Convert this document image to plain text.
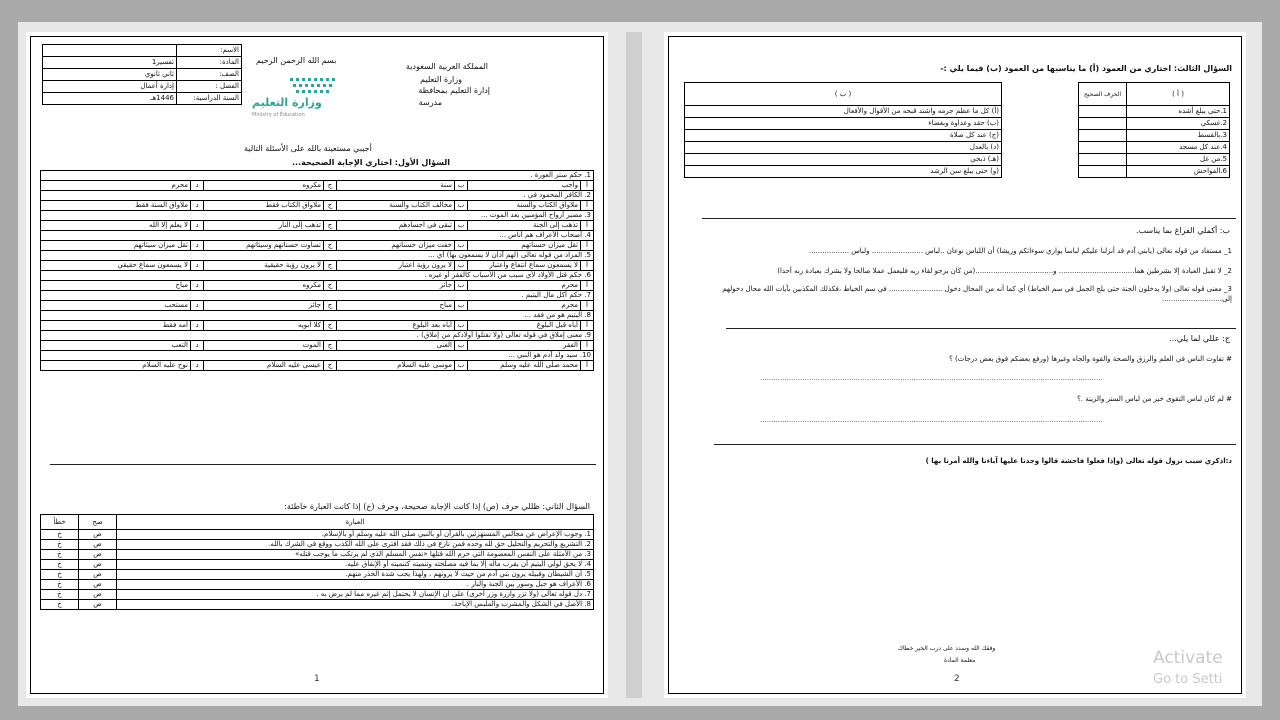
المملكة العربية السعودية
وزارة التعليم
إدارة التعليم بمحافظة
مدرسة
بسم الله الرحمن الرحيم
وزارة التعليم
Ministry of Education
الاسم:	
المادة:	تفسير1
الصف:	ثاني ثانوي
الفصل :	إدارة أعمال
السنة الدراسية:	1446هـ
أجيبي مستعينة بالله على الأسئلة التالية
السؤال الأول: اختاري الإجابة الصحيحة...
1. حكم ستر العورة .							
أ	واجب	ب	سنة	ج	مكروه	د	محرم
2. الكافر المحمود في .							
أ	ملاواق الكتاب والسنة	ب	مخالف الكتاب والسنة	ج	ملاواق الكتاب فقط	د	ملاواق السنة فقط
3. مصير أرواح المؤمنين بعد الموت ...							
أ	تذهب إلى الجنة	ب	تبقى في أجسادهم	ج	تذهب إلى النار	د	لا يعلم إلا الله
4. أصحاب الأعراف هم أناس ...							
أ	ثقل ميزان حسناتهم	ب	خفت ميزان حسناتهم	ج	تساوت حسناتهم وسيئاتهم	د	ثقل ميزان سيئاتهم
5. المراد من قوله تعالى (لهم آذان لا يسمعون بها) أي ...							
أ	لا يسمعون سماع انتفاع واعتبار	ب	لا يرون رؤية اعتبار	ج	لا يرون رؤية حقيقية	د	لا يسمعون سماع حقيقي
6. حكم قتل الأولاد لأي سبب من الأسباب كالفقر أو غيره .							
أ	محرم	ب	جائز	ج	مكروه	د	مباح
7. حكم أكل مال اليتيم .							
أ	محرم	ب	مباح	ج	جائز	د	مستحب
8. اليتيم هو من فقد ...							
أ	أباه قبل البلوغ	ب	أباه بعد البلوغ	ج	كلا أبويه	د	أمه فقط
9. معنى إملاق في قوله تعالى (ولا تقتلوا أولادكم من إملاق) .							
أ	الفقر	ب	الغنى	ج	الموت	د	التعب
10. سيد ولد آدم هو النبي ...							
أ	محمد صلى الله عليه وسلم	ب	موسى عليه السلام	ج	عيسى عليه السلام	د	نوح عليه السلام
السؤال الثاني: ظللي حرف (ص) إذا كانت الإجابة صحيحة، وحرف (خ) إذا كانت العبارة خاطئة:
العبارة	صح	خطأ
1. وجوب الإعراض عن مجالس المستهزئين بالقرآن أو بالنبي صلى الله عليه وسلم أو بالإسلام.	ص	خ
2. التشريع والتحريم والتحليل حق لله وحده فمن نازع في ذلك فقد افترى على الله الكذب ووقع في الشرك بالله.	ص	خ
3. من الأمثلة على النفس المعصومة التي حرم الله قتلها «نفس المسلم الذي لم يرتكب ما يوجب قتله»	ص	خ
4. لا يحق لولي اليتيم أن يقرب ماله إلا بما فيه مصلحته وتنميته كتنميته أو الإنفاق عليه.	ص	خ
5. أن الشيطان وقبيله يرون بني آدم من حيث لا يرونهم ، ولهذا يجب شدة الحذر منهم.	ص	خ
6. الأعراف هو جبل وسور بين الجنة والنار .	ص	خ
7. دل قوله تعالى (ولا تزر وازرة وزر أخرى) على أن الإنسان لا يحتمل إثم غيره مما لم يرض به .	ص	خ
8. الأصل في الشكل والمشرب والملبس الإباحة.	ص	خ
1
السؤال الثالث: اختاري من العمود (أ) ما يناسبها من العمود (ب) فيما يلي :-
( أ )	الحرف الصحيح
1.حتى يبلغ أشده	
2.غسكي	
3.بالقسط	
4.عند كل مسجد	
5.من غل	
6.الفواحش	
( ب )
(أ) كل ما عظم جرمه واشتد قبحه من الأقوال والأفعال
(ب) حقد وعداوة وبغضاء
(ج) عند كل صلاة
(د) بالعدل
(هـ) ذبحي
(و) حتى يبلغ سن الرشد
ب: أكملي الفراغ بما يناسب.
1_ مستفاد من قوله تعالى (يابني آدم قد أنزلنا عليكم لباسا يواري سوءاتكم وريشا) أن اللباس نوعان ..لباس ....................... ولباس ..................
2_ لا تقبل العبادة إلا بشرطين هما.................................. و...................................(من كان يرجو لقاء ربه فليعمل عملا صالحا ولا يشرك بعبادة ربه أحدا)
3_ معنى قوله تعالى (ولا يدخلون الجنة حتى يلج الجمل في سم الخياط) أي كما أنه من المحال دخول ........................ في سم الخياط ،فكذلك المكذبين بآيات الله محال دخولهم إلى...........................
ج: عللي لما يلي...
# تفاوت الناس في العلم والرزق والصحة والقوة والجاه وغيرها (ورفع بعضكم فوق بعض درجات) ؟
..........................................................................................................................................................
# لم كان لباس التقوى خير من لباس الستر والزينة .؟
..........................................................................................................................................................
د:اذكري سبب نزول قوله تعالى (وإذا فعلوا فاحشة قالوا وجدنا عليها آباءنا والله أمرنا بها )
وفقك الله وسدد على درب الخير خطاك
معلمة المادة
2
Activate
Go to Setti
